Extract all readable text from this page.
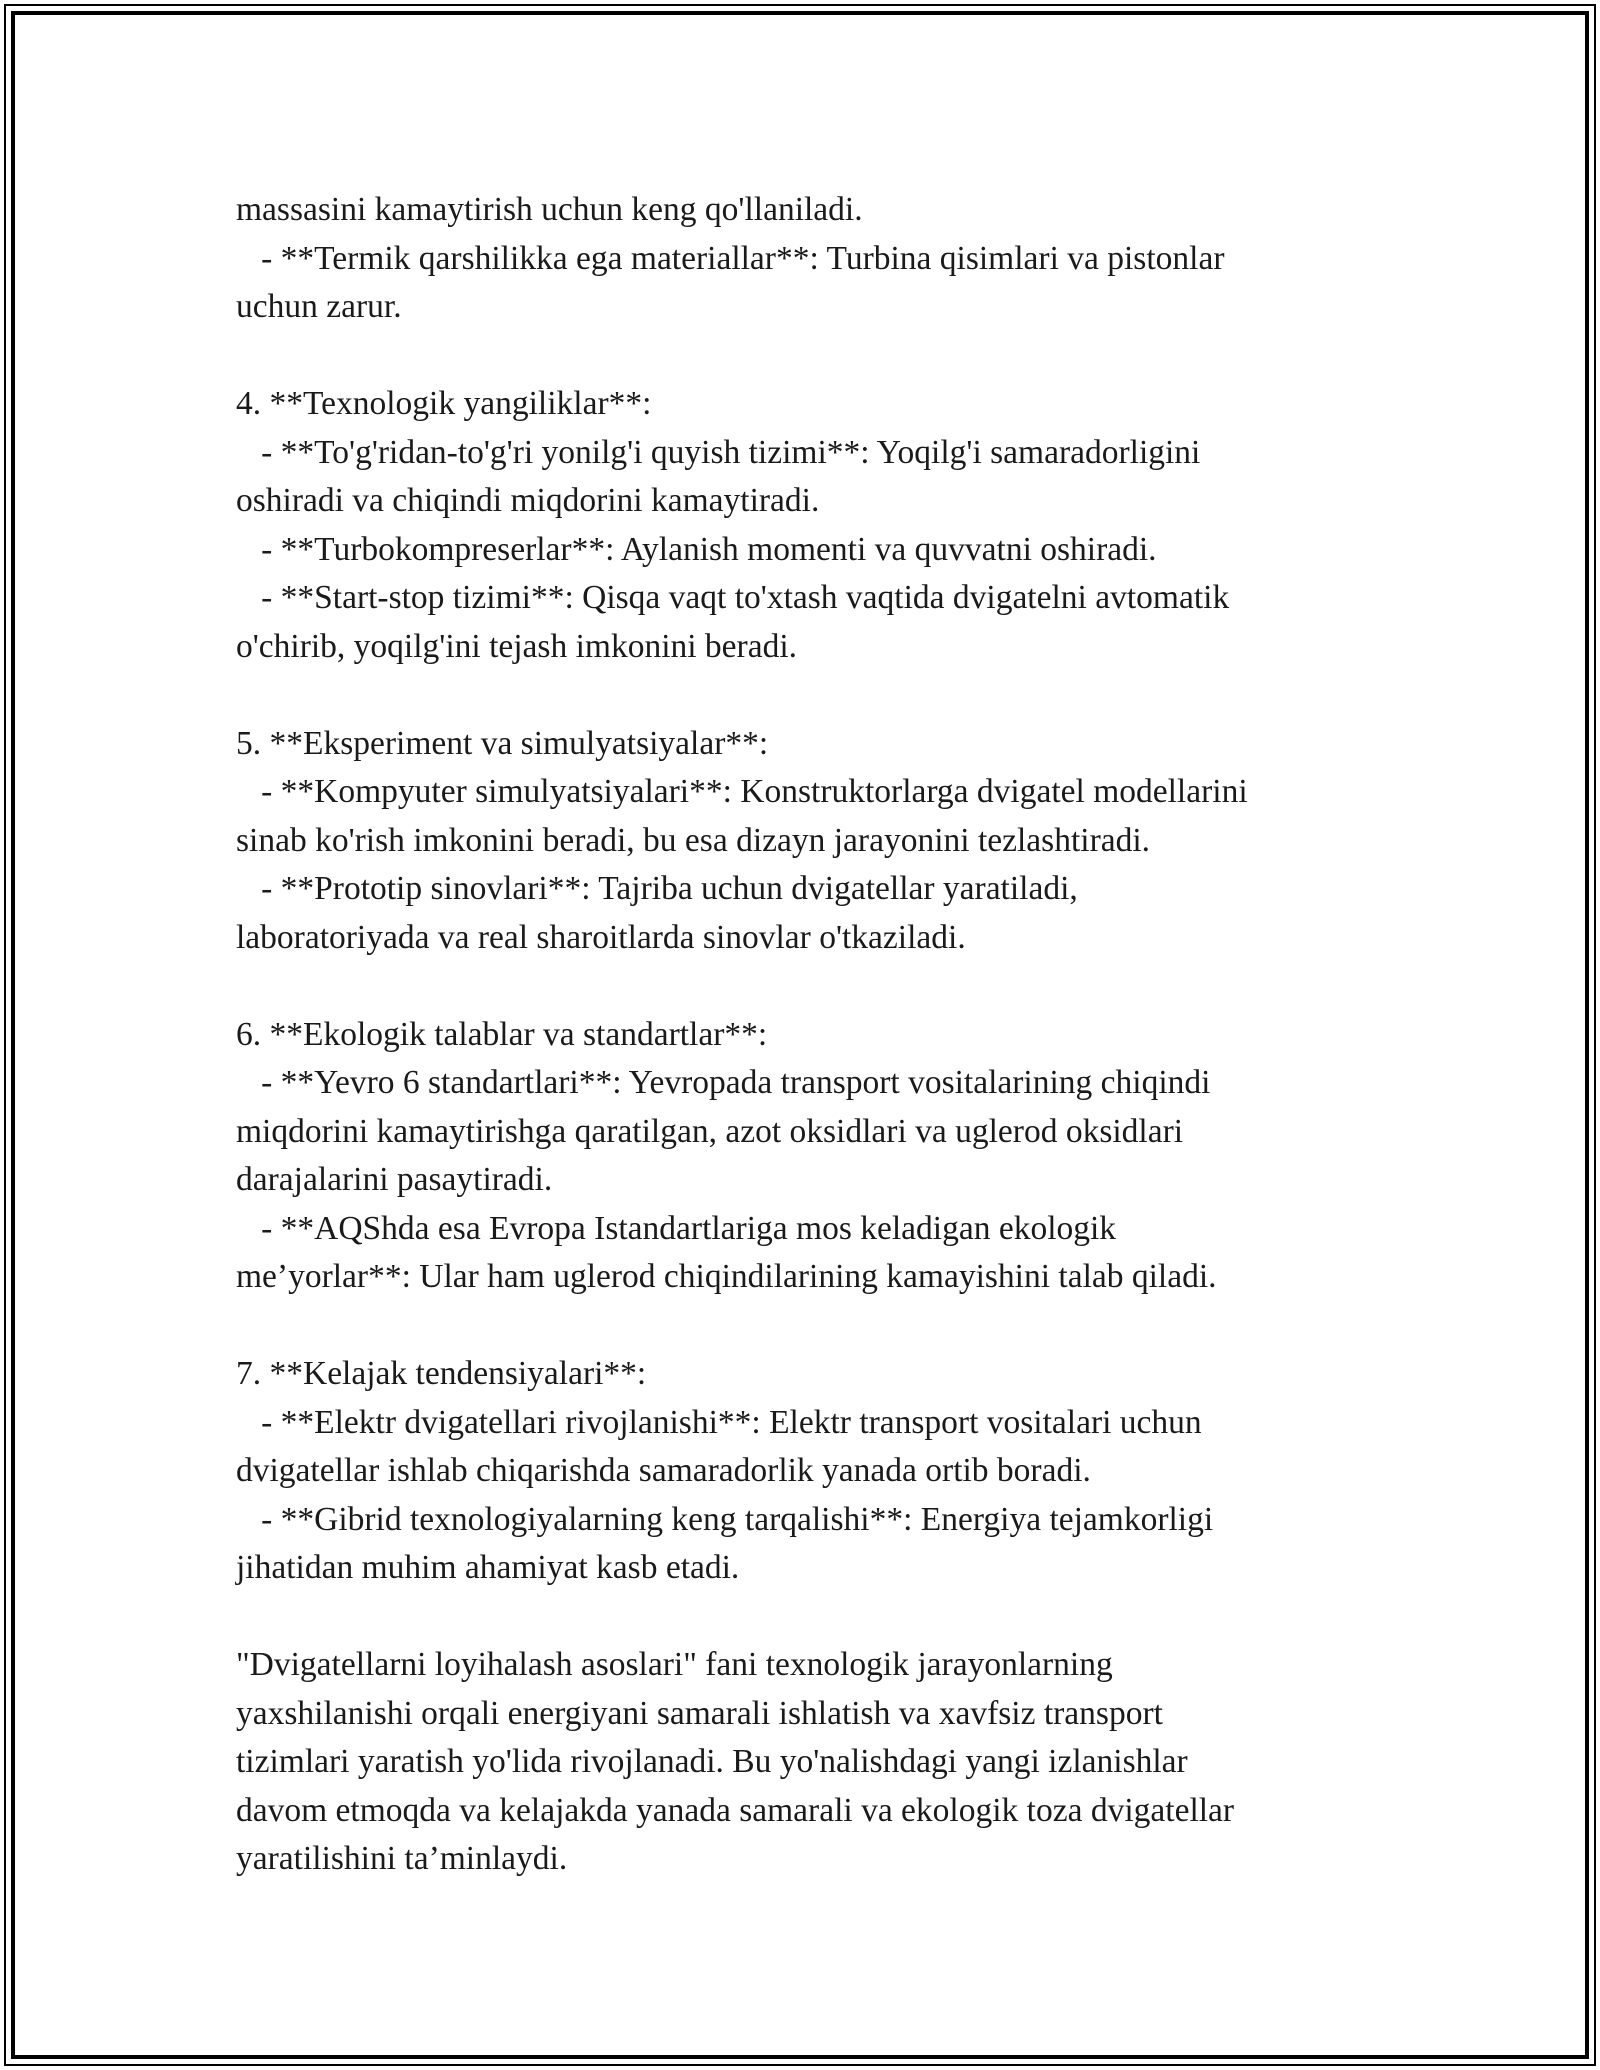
massasini kamaytirish uchun keng qo'llaniladi.
- **Termik qarshilikka ega materiallar**: Turbina qisimlari va pistonlar
uchun zarur.
4. **Texnologik yangiliklar**:
- **To'g'ridan-to'g'ri yonilg'i quyish tizimi**: Yoqilg'i samaradorligini
oshiradi va chiqindi miqdorini kamaytiradi.
- **Turbokompreserlar**: Aylanish momenti va quvvatni oshiradi.
- **Start-stop tizimi**: Qisqa vaqt to'xtash vaqtida dvigatelni avtomatik
o'chirib, yoqilg'ini tejash imkonini beradi.
5. **Eksperiment va simulyatsiyalar**:
- **Kompyuter simulyatsiyalari**: Konstruktorlarga dvigatel modellarini
sinab ko'rish imkonini beradi, bu esa dizayn jarayonini tezlashtiradi.
- **Prototip sinovlari**: Tajriba uchun dvigatellar yaratiladi,
laboratoriyada va real sharoitlarda sinovlar o'tkaziladi.
6. **Ekologik talablar va standartlar**:
- **Yevro 6 standartlari**: Yevropada transport vositalarining chiqindi
miqdorini kamaytirishga qaratilgan, azot oksidlari va uglerod oksidlari
darajalarini pasaytiradi.
- **AQShda esa Evropa Istandartlariga mos keladigan ekologik
me’yorlar**: Ular ham uglerod chiqindilarining kamayishini talab qiladi.
7. **Kelajak tendensiyalari**:
- **Elektr dvigatellari rivojlanishi**: Elektr transport vositalari uchun
dvigatellar ishlab chiqarishda samaradorlik yanada ortib boradi.
- **Gibrid texnologiyalarning keng tarqalishi**: Energiya tejamkorligi
jihatidan muhim ahamiyat kasb etadi.
"Dvigatellarni loyihalash asoslari" fani texnologik jarayonlarning
yaxshilanishi orqali energiyani samarali ishlatish va xavfsiz transport
tizimlari yaratish yo'lida rivojlanadi. Bu yo'nalishdagi yangi izlanishlar
davom etmoqda va kelajakda yanada samarali va ekologik toza dvigatellar
yaratilishini ta’minlaydi.
